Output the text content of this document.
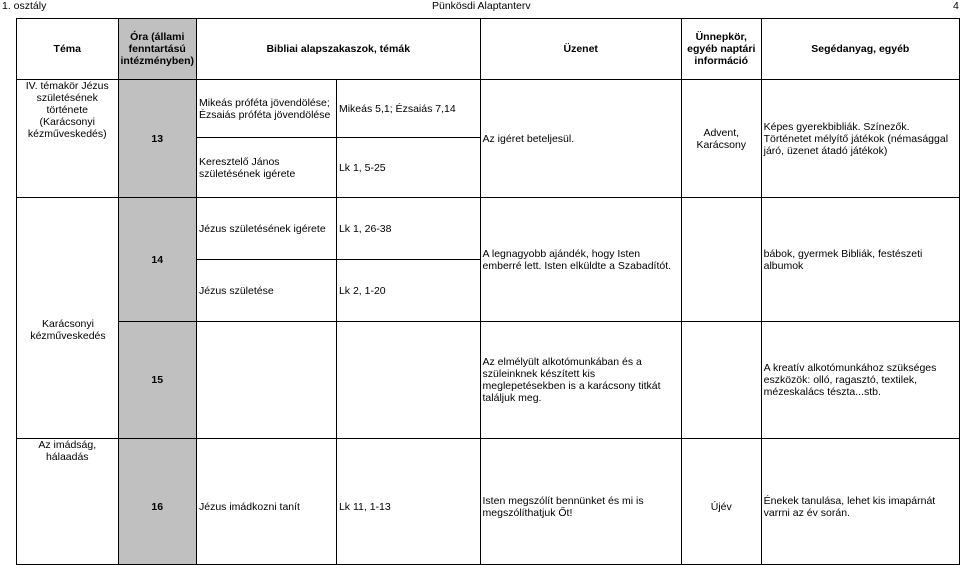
1. osztály	Pünkösdi Alaptanterv	4
Téma	Óra (állami fenntartású intézményben)	Bibliai alapszakaszok, témák		Üzenet	Ünnepkör, egyéb naptári információ	Segédanyag, egyéb

IV. témakör Jézus születésének története (Karácsonyi kézműveskedés)	13	Mikeás próféta jövendölése; Ézsaiás próféta jövendölése	Mikeás 5,1; Ézsaiás 7,14	Az igéret beteljesül.	Advent, Karácsony	Képes gyerekbibliák. Színezők. Történetet mélyítő játékok (némasággal járó, üzenet átadó játékok)
		Keresztelő János születésének igérete	Lk 1, 5-25			
	14	Jézus születésének igérete	Lk 1, 26-38	A legnagyobb ajándék, hogy Isten emberré lett. Isten elküldte a Szabadítót.		bábok, gyermek Bibliák, festészeti albumok
		Jézus születése	Lk 2, 1-20			
	15			Az elmélyült alkotómunkában és a szüleinknek készített kis meglepetésekben is a karácsony titkát találjuk meg.		A kreatív alkotómunkához szükséges eszközök: olló, ragasztó, textilek, mézeskalács tészta...stb.

Az imádság, hálaadás	16	Jézus imádkozni tanít	Lk 11, 1-13	Isten megszólít bennünket és mi is megszólíthatjuk Őt!	Újév	Énekek tanulása, lehet kis imapárnát varrni az év során.
Karácsonyi kézműveskedés
